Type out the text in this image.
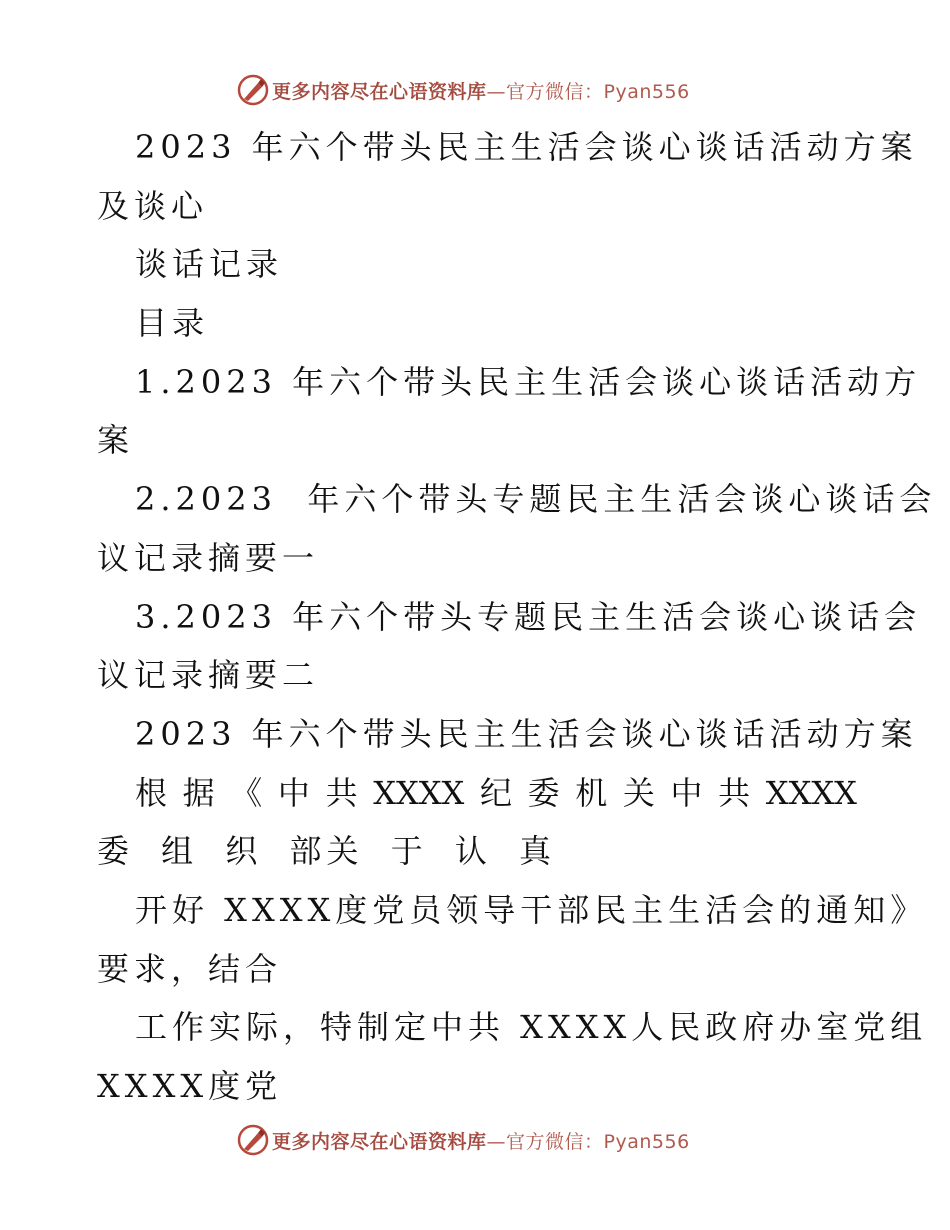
更多内容尽在心语资料库—官方微信：Pyan556
2023 年六个带头民主生活会谈心谈话活动方案
及谈心
谈话记录
目录
1.2023 年六个带头民主生活会谈心谈话活动方
案
2.2023  年六个带头专题民主生活会谈心谈话会
议记录摘要一
3.2023 年六个带头专题民主生活会谈心谈话会
议记录摘要二
2023 年六个带头民主生活会谈心谈话活动方案
根 据 《 中 共 XXXX 纪 委 机 关 中 共 XXXX
委 组 织 部关 于 认 真
开好 XXXX度党员领导干部民主生活会的通知》
要求，结合
工作实际，特制定中共 XXXX人民政府办室党组
XXXX度党
更多内容尽在心语资料库—官方微信：Pyan556
